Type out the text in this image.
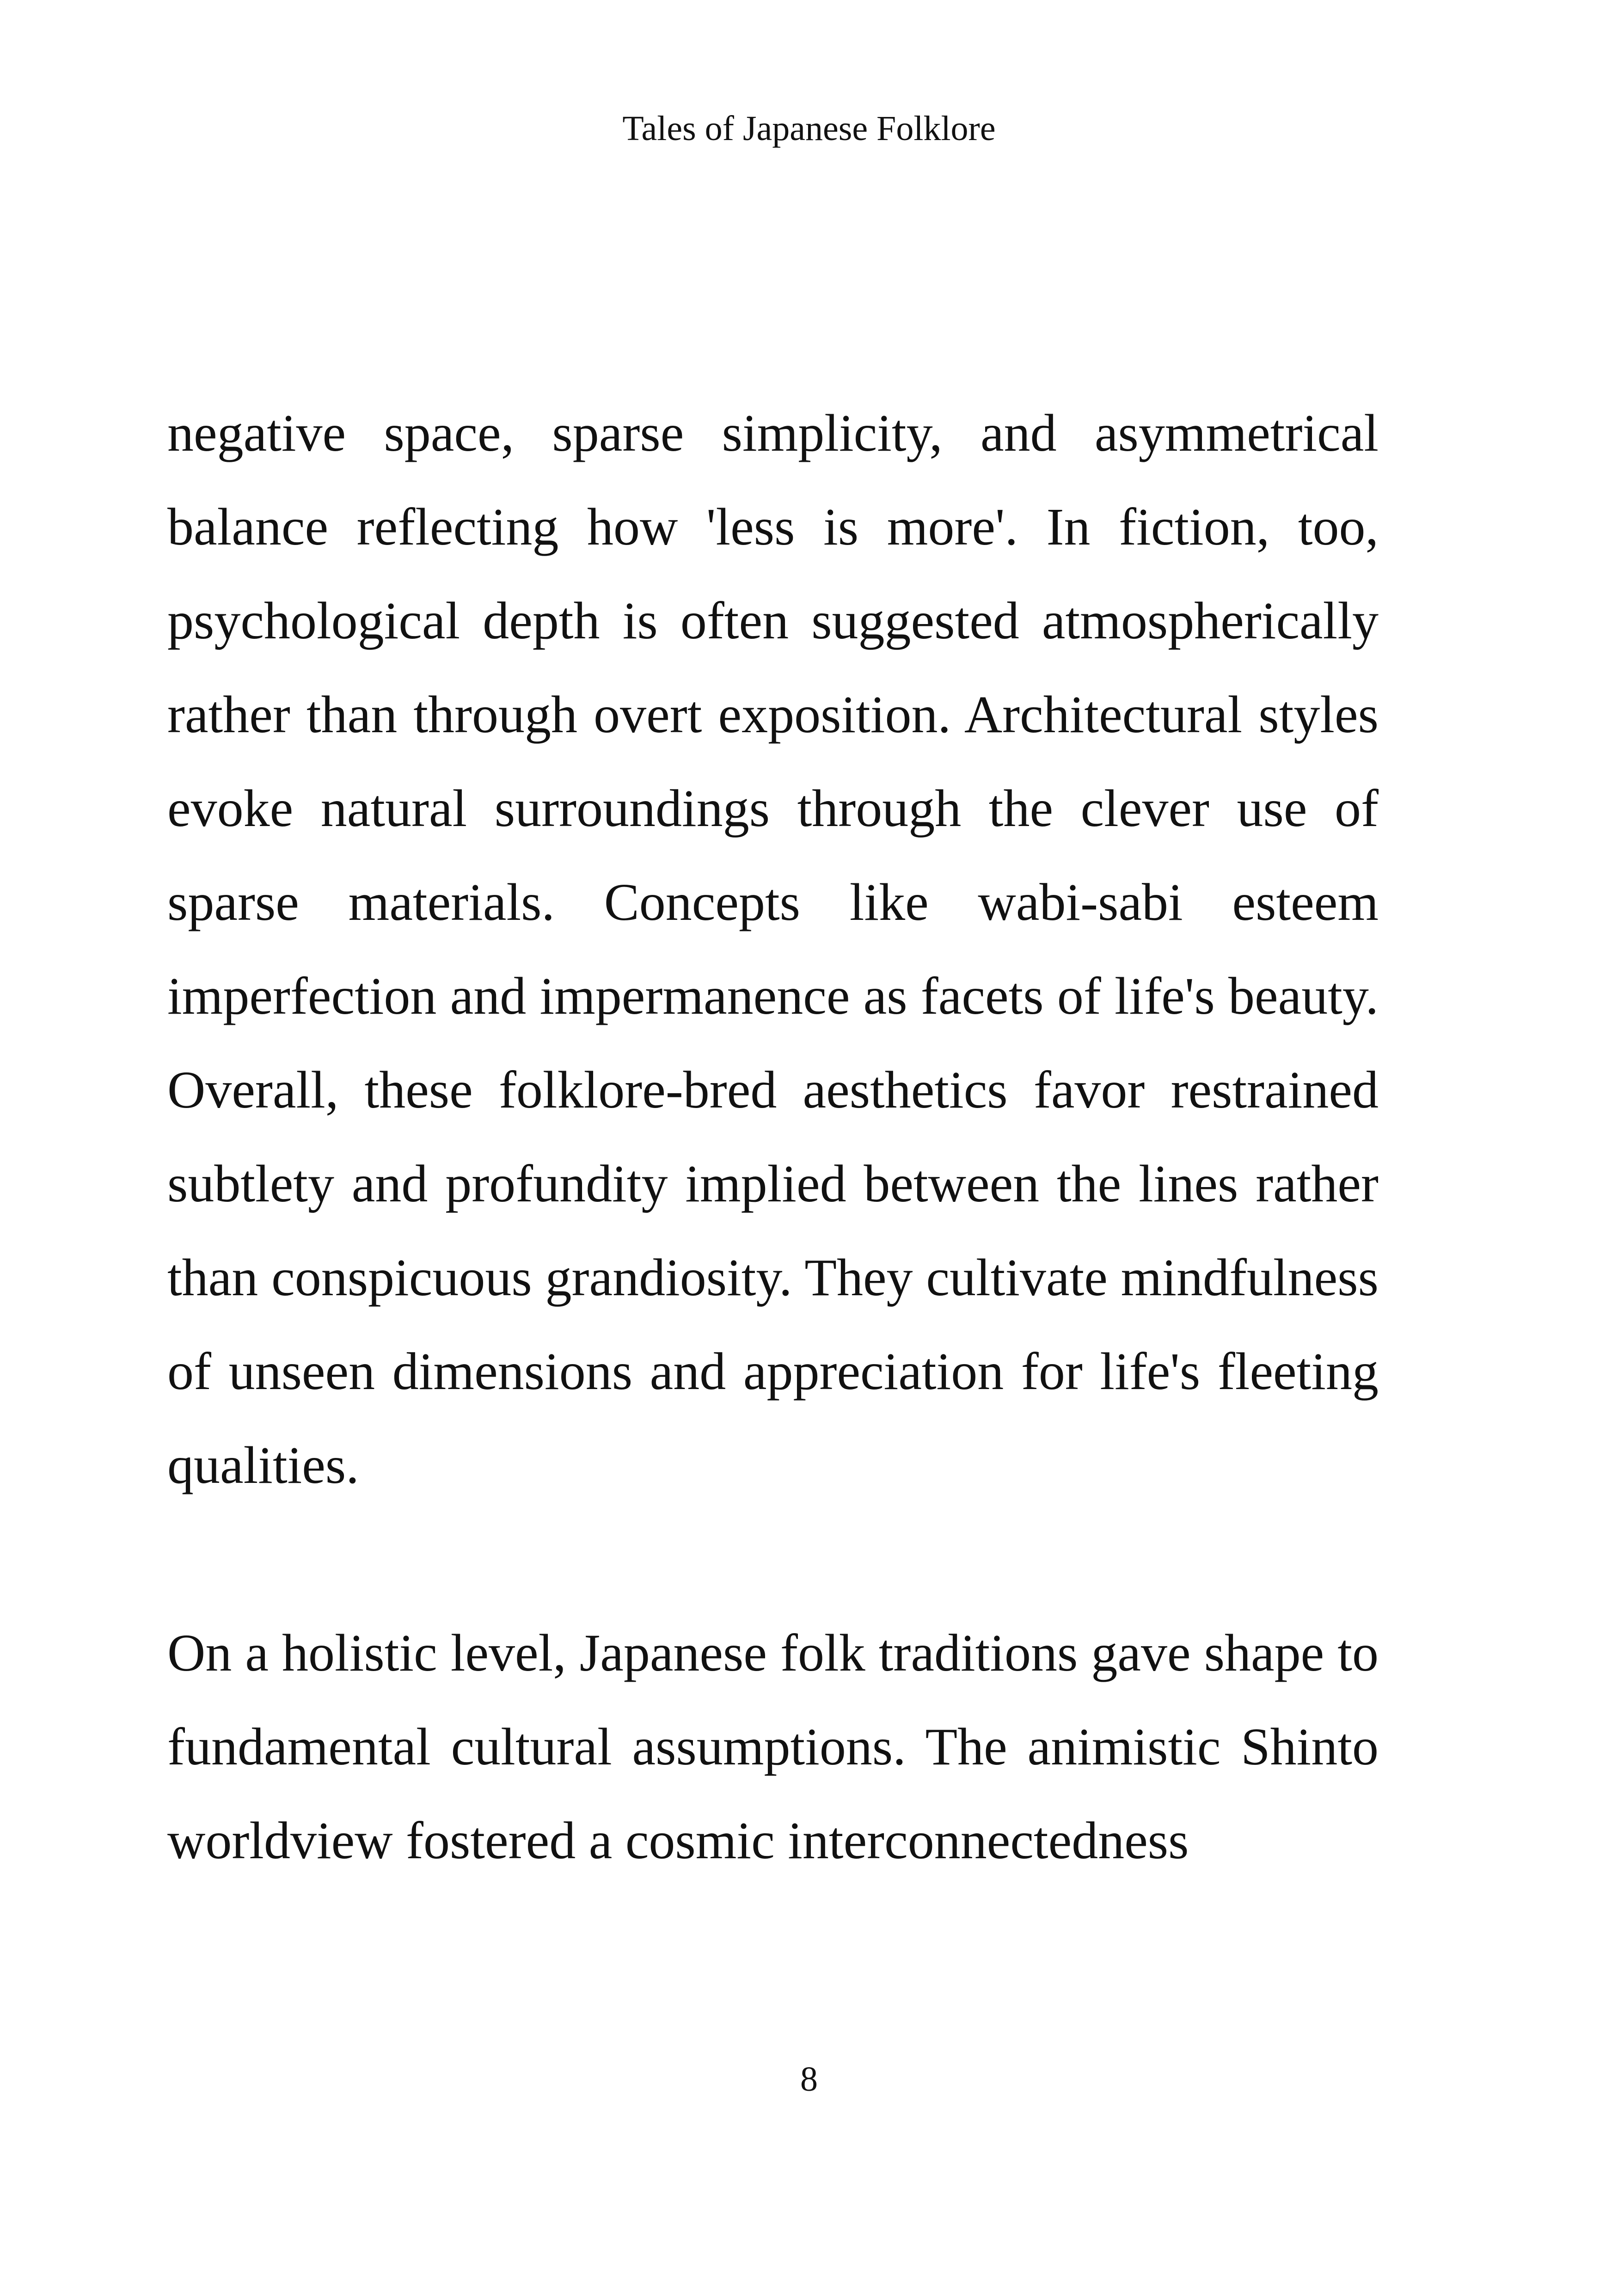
Tales of Japanese Folklore

negative space, sparse simplicity, and asymmetrical balance reflecting how 'less is more'. In fiction, too, psychological depth is often suggested atmospherically rather than through overt exposition. Architectural styles evoke natural surroundings through the clever use of sparse materials. Concepts like wabi-sabi esteem imperfection and impermanence as facets of life's beauty. Overall, these folklore-bred aesthetics favor restrained subtlety and profundity implied between the lines rather than conspicuous grandiosity. They cultivate mindfulness of unseen dimensions and appreciation for life's fleeting qualities.

On a holistic level, Japanese folk traditions gave shape to fundamental cultural assumptions. The animistic Shinto worldview fostered a cosmic interconnectedness

8
